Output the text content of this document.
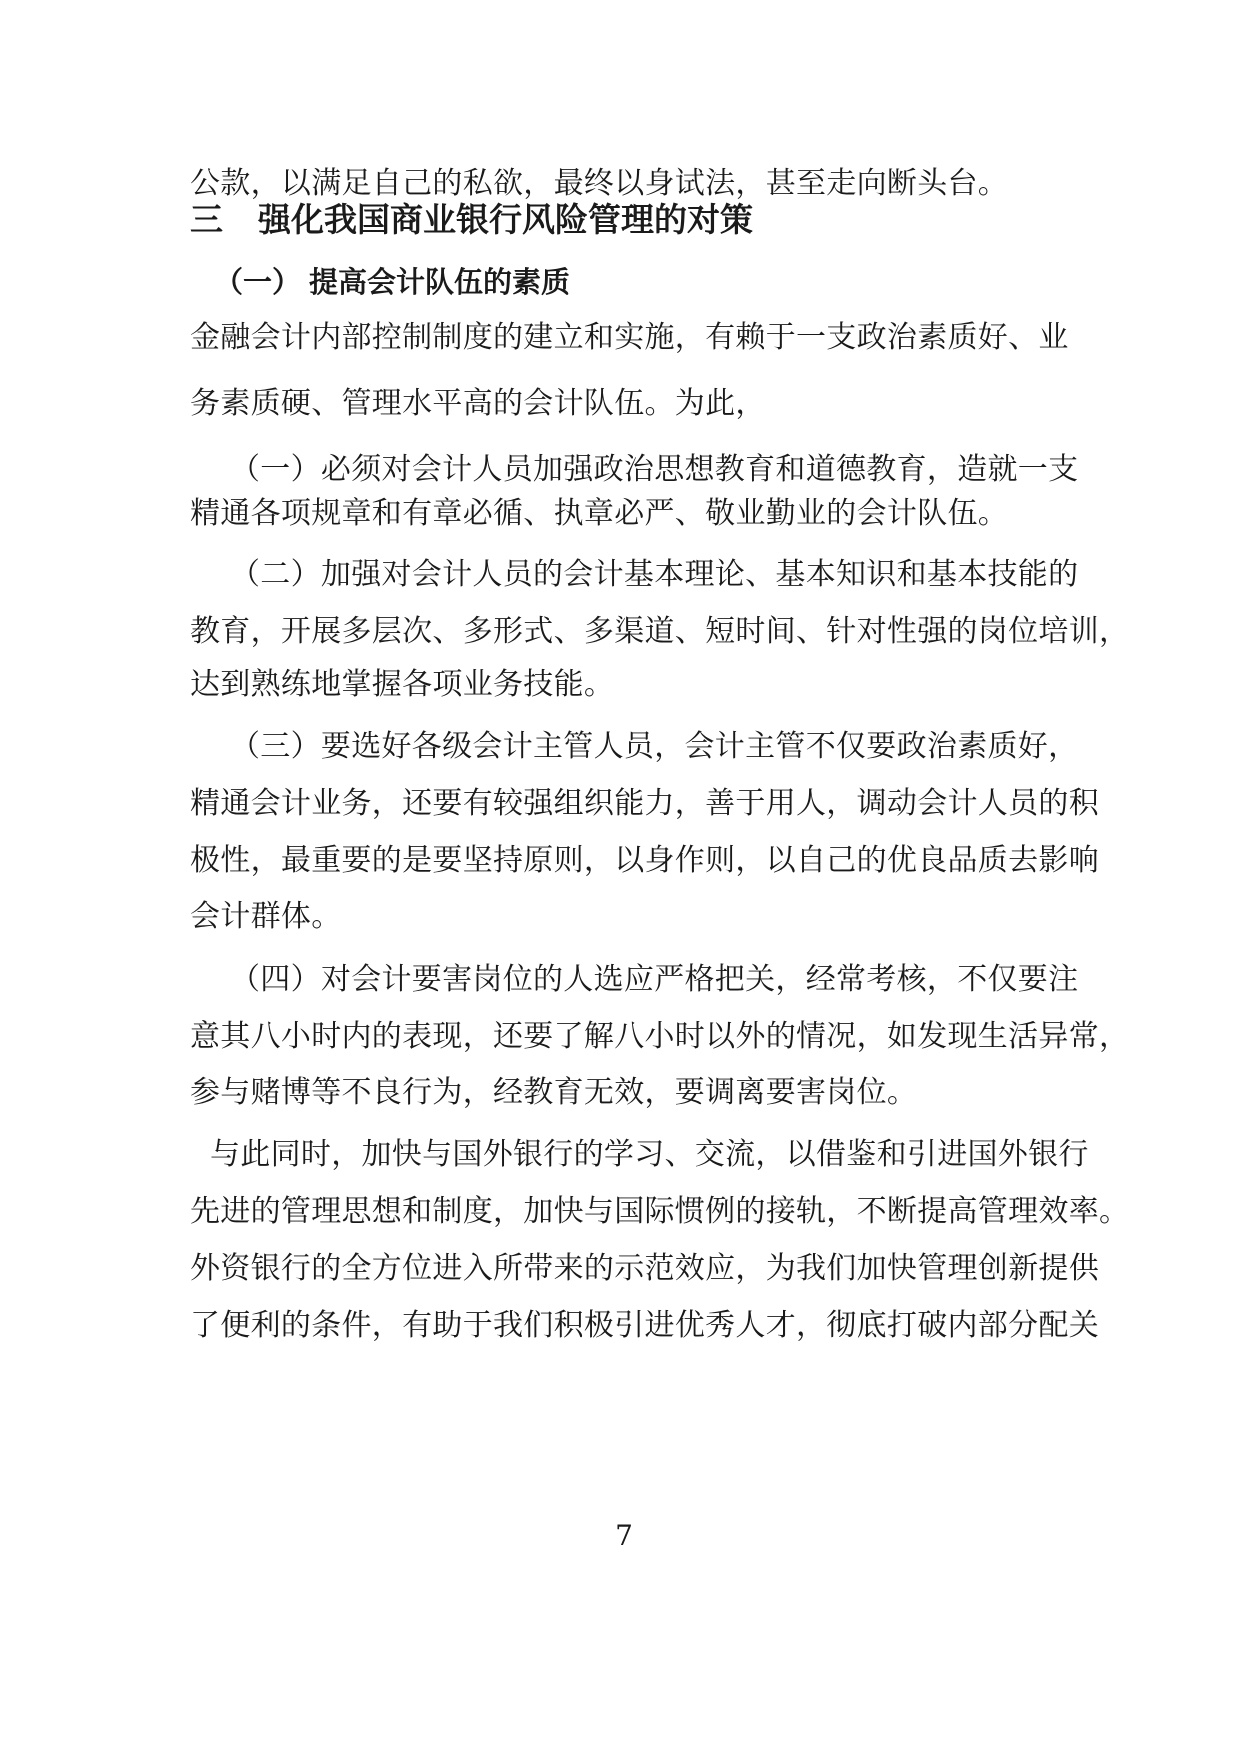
公款，以满足自己的私欲，最终以身试法，甚至走向断头台。
三 强化我国商业银行风险管理的对策
（一） 提高会计队伍的素质
金融会计内部控制制度的建立和实施，有赖于一支政治素质好、业
务素质硬、管理水平高的会计队伍。为此，
（一）必须对会计人员加强政治思想教育和道德教育，造就一支
精通各项规章和有章必循、执章必严、敬业勤业的会计队伍。
（二）加强对会计人员的会计基本理论、基本知识和基本技能的
教育，开展多层次、多形式、多渠道、短时间、针对性强的岗位培训，
达到熟练地掌握各项业务技能。
（三）要选好各级会计主管人员，会计主管不仅要政治素质好，
精通会计业务，还要有较强组织能力，善于用人，调动会计人员的积
极性，最重要的是要坚持原则，以身作则，以自己的优良品质去影响
会计群体。
（四）对会计要害岗位的人选应严格把关，经常考核，不仅要注
意其八小时内的表现，还要了解八小时以外的情况，如发现生活异常，
参与赌博等不良行为，经教育无效，要调离要害岗位。
与此同时，加快与国外银行的学习、交流，以借鉴和引进国外银行
先进的管理思想和制度，加快与国际惯例的接轨，不断提高管理效率。
外资银行的全方位进入所带来的示范效应，为我们加快管理创新提供
了便利的条件，有助于我们积极引进优秀人才，彻底打破内部分配关
7
